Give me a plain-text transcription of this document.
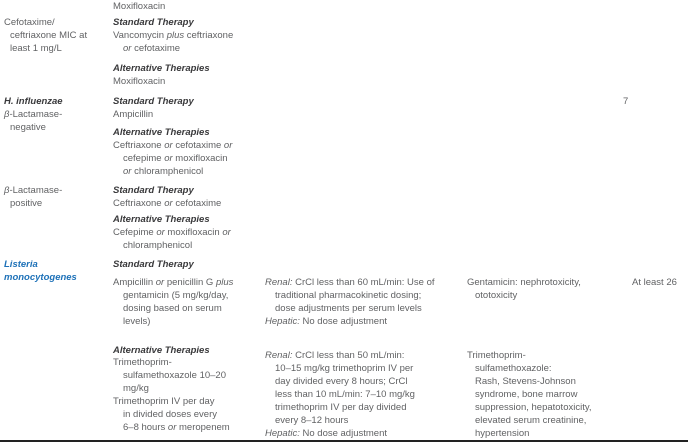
Moxifloxacin
Cefotaxime/
ceftriaxone MIC at
least 1 mg/L
Standard Therapy
Vancomycin plus ceftriaxone
or cefotaxime
Alternative Therapies
Moxifloxacin
H. influenzae
β-Lactamase-
negative
Standard Therapy
Ampicillin
Alternative Therapies
Ceftriaxone or cefotaxime or
cefepime or moxifloxacin
or chloramphenicol
7
β-Lactamase-
positive
Standard Therapy
Ceftriaxone or cefotaxime
Alternative Therapies
Cefepime or moxifloxacin or
chloramphenicol
Listeria
monocytogenes
Standard Therapy
Ampicillin or penicillin G plus
gentamicin (5 mg/kg/day,
dosing based on serum
levels)
Renal: CrCl less than 60 mL/min: Use of
traditional pharmacokinetic dosing;
dose adjustments per serum levels
Hepatic: No dose adjustment
Gentamicin: nephrotoxicity,
ototoxicity
At least 26
Alternative Therapies
Trimethoprim-
sulfamethoxazole 10–20
mg/kg
Trimethoprim IV per day
in divided doses every
6–8 hours or meropenem
Renal: CrCl less than 50 mL/min:
10–15 mg/kg trimethoprim IV per
day divided every 8 hours; CrCl
less than 10 mL/min: 7–10 mg/kg
trimethoprim IV per day divided
every 8–12 hours
Hepatic: No dose adjustment
Trimethoprim-
sulfamethoxazole:
Rash, Stevens-Johnson
syndrome, bone marrow
suppression, hepatotoxicity,
elevated serum creatinine,
hypertension
